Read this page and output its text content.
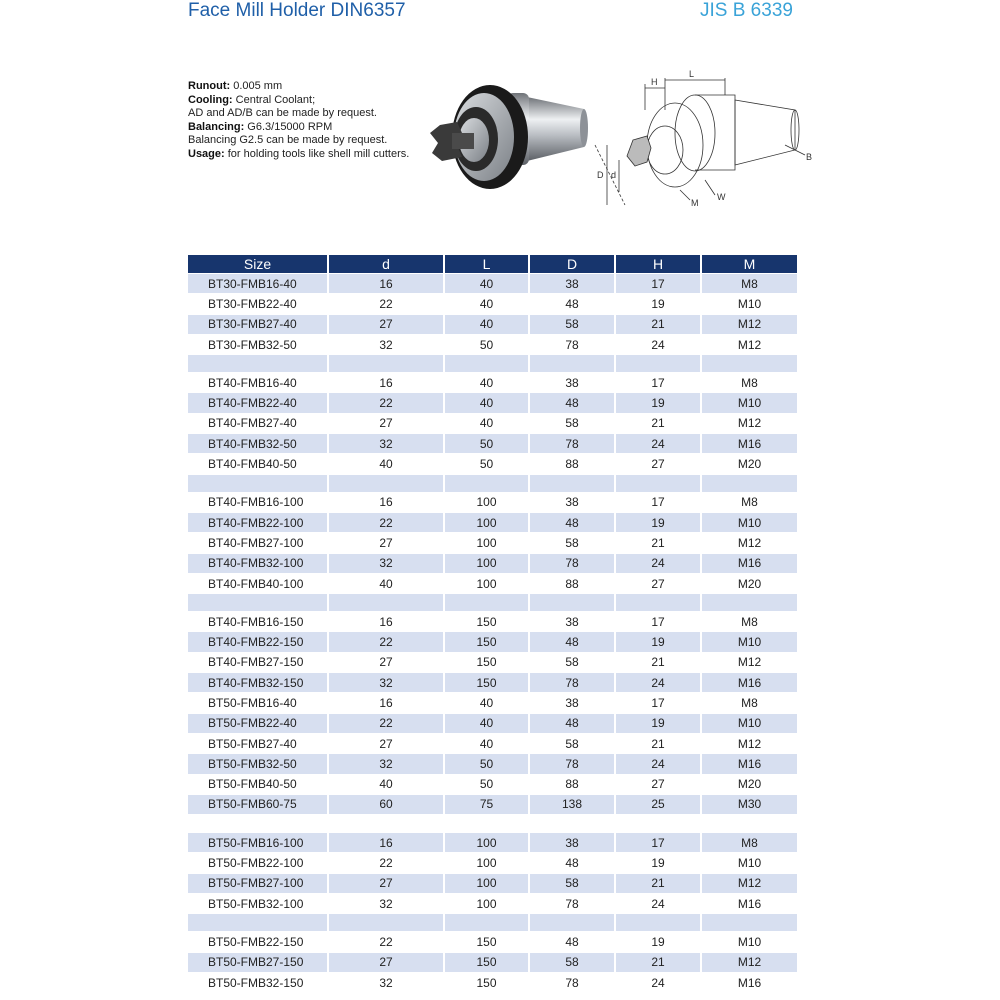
Face Mill Holder DIN6357	JIS B 6339
Runout: 0.005 mm
Cooling: Central Coolant;
AD and AD/B can be made by request.
Balancing: G6.3/15000 RPM
Balancing G2.5 can be made by request.
Usage: for holding tools like shell mill cutters.
H
L
D d
M
W
B
Size	d	L	D	H	M
BT30-FMB16-40	16	40	38	17	M8
BT30-FMB22-40	22	40	48	19	M10
BT30-FMB27-40	27	40	58	21	M12
BT30-FMB32-50	32	50	78	24	M12

BT40-FMB16-40	16	40	38	17	M8
BT40-FMB22-40	22	40	48	19	M10
BT40-FMB27-40	27	40	58	21	M12
BT40-FMB32-50	32	50	78	24	M16
BT40-FMB40-50	40	50	88	27	M20

BT40-FMB16-100	16	100	38	17	M8
BT40-FMB22-100	22	100	48	19	M10
BT40-FMB27-100	27	100	58	21	M12
BT40-FMB32-100	32	100	78	24	M16
BT40-FMB40-100	40	100	88	27	M20

BT40-FMB16-150	16	150	38	17	M8
BT40-FMB22-150	22	150	48	19	M10
BT40-FMB27-150	27	150	58	21	M12
BT40-FMB32-150	32	150	78	24	M16
BT50-FMB16-40	16	40	38	17	M8
BT50-FMB22-40	22	40	48	19	M10
BT50-FMB27-40	27	40	58	21	M12
BT50-FMB32-50	32	50	78	24	M16
BT50-FMB40-50	40	50	88	27	M20
BT50-FMB60-75	60	75	138	25	M30

BT50-FMB16-100	16	100	38	17	M8
BT50-FMB22-100	22	100	48	19	M10
BT50-FMB27-100	27	100	58	21	M12
BT50-FMB32-100	32	100	78	24	M16

BT50-FMB22-150	22	150	48	19	M10
BT50-FMB27-150	27	150	58	21	M12
BT50-FMB32-150	32	150	78	24	M16
